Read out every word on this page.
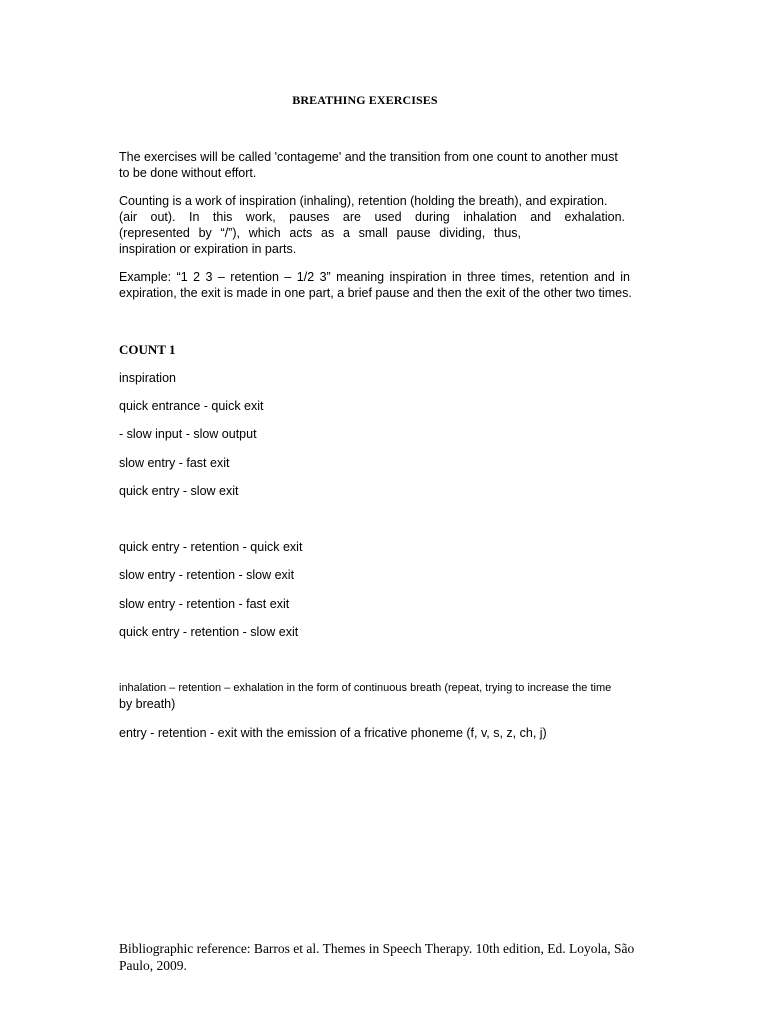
BREATHING EXERCISES
The exercises will be called 'contageme' and the transition from one count to another must
to be done without effort.
Counting is a work of inspiration (inhaling), retention (holding the breath), and expiration.
(air out). In this work, pauses are used during inhalation and exhalation.
(represented by “/”), which acts as a small pause dividing, thus,
inspiration or expiration in parts.
Example: “1 2 3 – retention – 1/2 3” meaning inspiration in three times, retention and in
expiration, the exit is made in one part, a brief pause and then the exit of the other two times.
COUNT 1
inspiration
quick entrance - quick exit
- slow input - slow output
slow entry - fast exit
quick entry - slow exit
quick entry - retention - quick exit
slow entry - retention - slow exit
slow entry - retention - fast exit
quick entry - retention - slow exit
inhalation – retention – exhalation in the form of continuous breath (repeat, trying to increase the time
by breath)
entry - retention - exit with the emission of a fricative phoneme (f, v, s, z, ch, j)
Bibliographic reference: Barros et al. Themes in Speech Therapy. 10th edition, Ed. Loyola, São
Paulo, 2009.
